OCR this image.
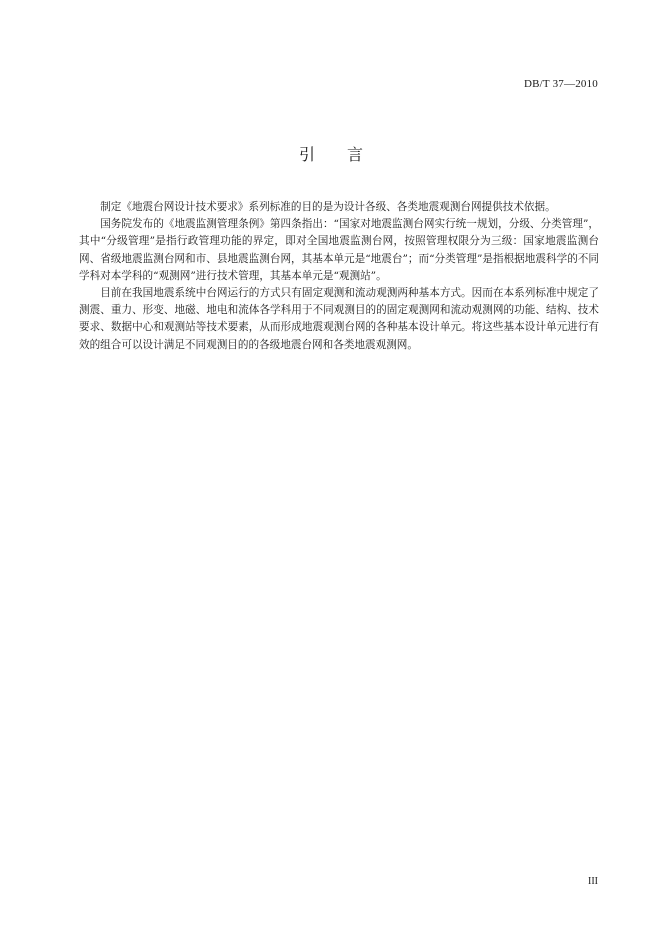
DB/T 37—2010
引 言

制定《地震台网设计技术要求》系列标准的目的是为设计各级、各类地震观测台网提供技术依据。

国务院发布的《地震监测管理条例》第四条指出：“国家对地震监测台网实行统一规划，分级、分类管理”，其中“分级管理”是指行政管理功能的界定，即对全国地震监测台网，按照管理权限分为三级：国家地震监测台网、省级地震监测台网和市、县地震监测台网，其基本单元是“地震台”；而“分类管理”是指根据地震科学的不同学科对本学科的“观测网”进行技术管理，其基本单元是“观测站”。

目前在我国地震系统中台网运行的方式只有固定观测和流动观测两种基本方式。因而在本系列标准中规定了测震、重力、形变、地磁、地电和流体各学科用于不同观测目的的固定观测网和流动观测网的功能、结构、技术要求、数据中心和观测站等技术要素，从而形成地震观测台网的各种基本设计单元。将这些基本设计单元进行有效的组合可以设计满足不同观测目的的各级地震台网和各类地震观测网。

III
